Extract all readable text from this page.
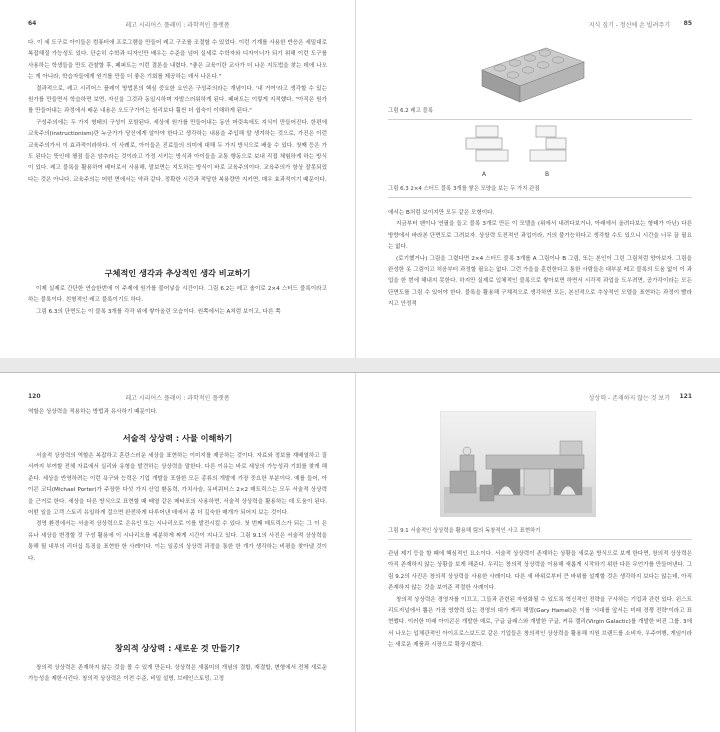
64	레고 시리어스 플레이 : 과학적인 플랫폼

다. 이 세 도구로 아이들은 컴퓨터에 프로그램을 만들어 레고 구조를 조절할 수 있었다. 이런 기계를 사용한 반응은 세밀대로 복잡해질 가능성도 있다. 단순히 수학과 디자인만 배우는 수준을 넘어 실세로 수학자와 디자이너가 되기 위해 이런 도구를 사용하는 학생들을 만도 관찰할 후, 페퍼트는 이런 결론을 내렸다. "좋은 교육이란 교사가 더 나은 지도법을 찾는 데에 나오는 게 아니라, 학습자들에게 원기를 만들 더 좋은 기회를 제공하는 데서 나온다."

결과적으로, 레고 시리어스 플레이 방법론의 핵심 중요한 요인은 구성주의라는 개념이다. '내 거여'라고 생각할 수 있는 원가를 만들면서 학습하면 보면, 자신을 그것과 동일시하며 자발스러워하게 된다. 페퍼트는 이렇게 지적했다. "아직은 원가를 만들어내는 과정에서 배운 내용은 오도구가이는 원리보다 훨씬 더 쉽숙이 이해하게 된다."

구성주의에는 두 가지 형태의 구성이 포함된다. 세상에 원가를 만들어내는 동안 머릿속에도 지식이 만들어진다. 한편에 교육주의(instructionism)란 누군가가 당신에게 알아야 한다고 생각하는 내용을 주입해 말 생겨하는 것으로, 가진은 이런 교육주의가서 이 효과적이라하다. 이 사례로, 아이들은 진료들의 의미에 대해 두 가지 방식으로 배울 수 있다. 첫째 등은 가도 된다는 뜻인데 첼점 들은 암추라는 것이라고 가정 시키는 방식과 아이들을 교통 행동으로 보내 직접 체험하게 하는 방식이 있다. 레고 블록을 활용하여 베터로서 사용해, 말보면는 지도하는 방식이 바로 교육주의이다. 교육주의가 항상 잘못되었다는 것은 아니다. 교육주의는 어떤 면에서는 약과 같다. 정확한 시간과 적당한 복용량만 지키면, 매우 효과적이기 때문이다.

구체적인 생각과 추상적인 생각 비교하기

이제 실제로 간단한 연습한번에 이 주제에 원가를 불어넣을 시간이다. 그림 6.2는 레고 솔이로 2×4 스터드 블록이라고 하는 블록이다. 친형적인 레고 블록이기도 하다.

그림 6.3의 단면도는 이 블록 3개를 각각 위에 쌓아올린 모습이다. 원쪽에서는 A처럼 보이고, 다른 쪽

지식 짚기 - 정신에 손 빌려주기 85
그림 6.2 레고 블록
A	B
그림 6.3 2×4 스터드 블록 3개를 쌓은 모양을 보는 두 가지 관점

에서는 B처럼 보이지만 모두 같은 모형이다.

지금부터 펜이나 연필을 들고 블록 3개로 만든 이 모델을 (위에서 내려다보거나, 아래에서 올려다보는 형태가 아닌) 다른 방향에서 바라본 단면도로 그려보자. 상상력 도전적인 과업이라, 거의 불가능하다고 생각할 수도 있으니 시간을 너무 끌 필요는 없다.

(로기했거나) 그림을 그렸다면 2×4 스터드 블록 3개를 A 그림이나 B 그림, 또는 본인이 그린 그림처럼 양아보자. 그림을 완성한 옷 그림이고 처음부터 과정할 필요는 없다. 그런 가을을 훈련한다고 통한 사람들은 대부분 레고 블록의 도움 없이 이 과업을 한 번에 해내지 못한다. 하지만 실제로 입체적인 블록으로 쌓아보면 하면서 시각적 과업을 도우려면, 공가각이라는 모든 단면도를 그림 수 있어야 한다. 블록을 활용해 구체적으로 생각하면 모든, 본선적으로 추상적인 모델을 표현하는 과정이 빨라지고 안정적

120	레고 시리어스 플레이 : 과학적인 플랫폼

역할은 상상력을 적용하는 방법과 유사하기 때문이다.

서술적 상상력 : 사물 이해하기

서술적 상상력의 역할은 복잡하고 혼란스러운 세상을 표현하는 이미지를 제공하는 것이다. 자료와 정보를 재배열하고 질서까지 부여할 전체 자료에서 실리와 유형을 발견하는 상상력을 말한다. 다른 이유는 바로 세상의 가능성과 기회를 찾게 해준다. 세상을 반영하려는 이런 욕구와 능력은 기업 개발을 포함한 모든 종류의 개발에 가장 중요한 부분이다. 예를 들어, 아이콘 코디(Michael Porter)가 주장한 다섯 가지 산업 환동력, 가치사슬, 유비쿼터스 2×2 매트릭스는 모두 서술적 상상력을 근거로 한다. 세상을 다른 방식으로 표현할 때 배열 같은 메타포의 사용하면, 서술적 상상력을 활용하는 데 도움이 된다. 어떤 일을 고객 스토리 유일하게 걸으면 완전하게 다루어낸 데에서 좀 더 깊숙한 매개가 되어지 보는 것이다.

경영 환경에서는 서술적 상상력으로 은유인 또는 시나리오로 이를 발전시킬 수 있다. 첫 번째 매트릭스가 되는 그 이 은유나 세상을 변경할 것 구성 활용에 이 시나리오를 세분하게 짜게 시간이 지나고 있다. 그림 9.1의 사진은 서술적 상상력을 통해 될 내부의 리더십 특징을 표현한 한 사례이다. 이는 일종의 상상력 과정을 통한 한 개가 생각하는 비평을 찾아낼 것이다.

창의적 상상력 : 새로운 것 만들기?

창의적 상상력은 존재하지 않는 것을 볼 수 있게 만든다. 상상력은 새롭미의 개념의 결합, 재결합, 변형에서 전체 새로운 가능성을 제한시킨다. 창의적 상상력은 이전 수준, 비밀 설명, 브레인스토밍, 고정

상상력 - 존재하지 않는 것 보기 121
그림 9.1 서술적인 상상력을 활용해 팀의 독창적인 사고 표현하기

관념 제기 등을 할 때에 핵심적인 요소이다. 서술적 상상력이 존재하는 상황을 새로운 방식으로 보게 한다면, 창의적 상상력은 아직 존재하지 않는 상황을 보게 해준다. 우리는 창의적 상상력을 이용해 새롭게 시작하기 위한 다른 무언가를 만들어낸다. 그림 9.2의 사진은 창의적 상상력을 사용한 사례이다. 다른 새 바위로부터 큰 바위를 설계할 것은 생각하지 보다는 않는데, 아직 존재하지 않는 것을 보여준 적절한 사례이다.

창의적 상상력은 경영자를 이끄고, 그들과 관련된 자원화될 수 있도록 혁신적인 전략을 구사하는 기업과 관련 있다. 윈스트리트저널에서 뽑은 가장 영향력 있는 경영의 대가 게리 해멀(Gary Hamel)은 이를 '시대를 앞서는 미래 경쟁 전략'이라고 표현했다. 이러한 미래 아이콘은 개발한 예로, 구글 글래스와 개발한 구글, 커뮤 캘리(Virgin Galactic)를 개발한 버진 그룹. 3에서 나오는 입체관적인 아이프로스보드로 같은 기업들은 창의적인 상상력을 활용해 지원 브랜드를 소비자, 우주여행, 게임이라는 새로운 제품과 시장으로 확장시켰다.
